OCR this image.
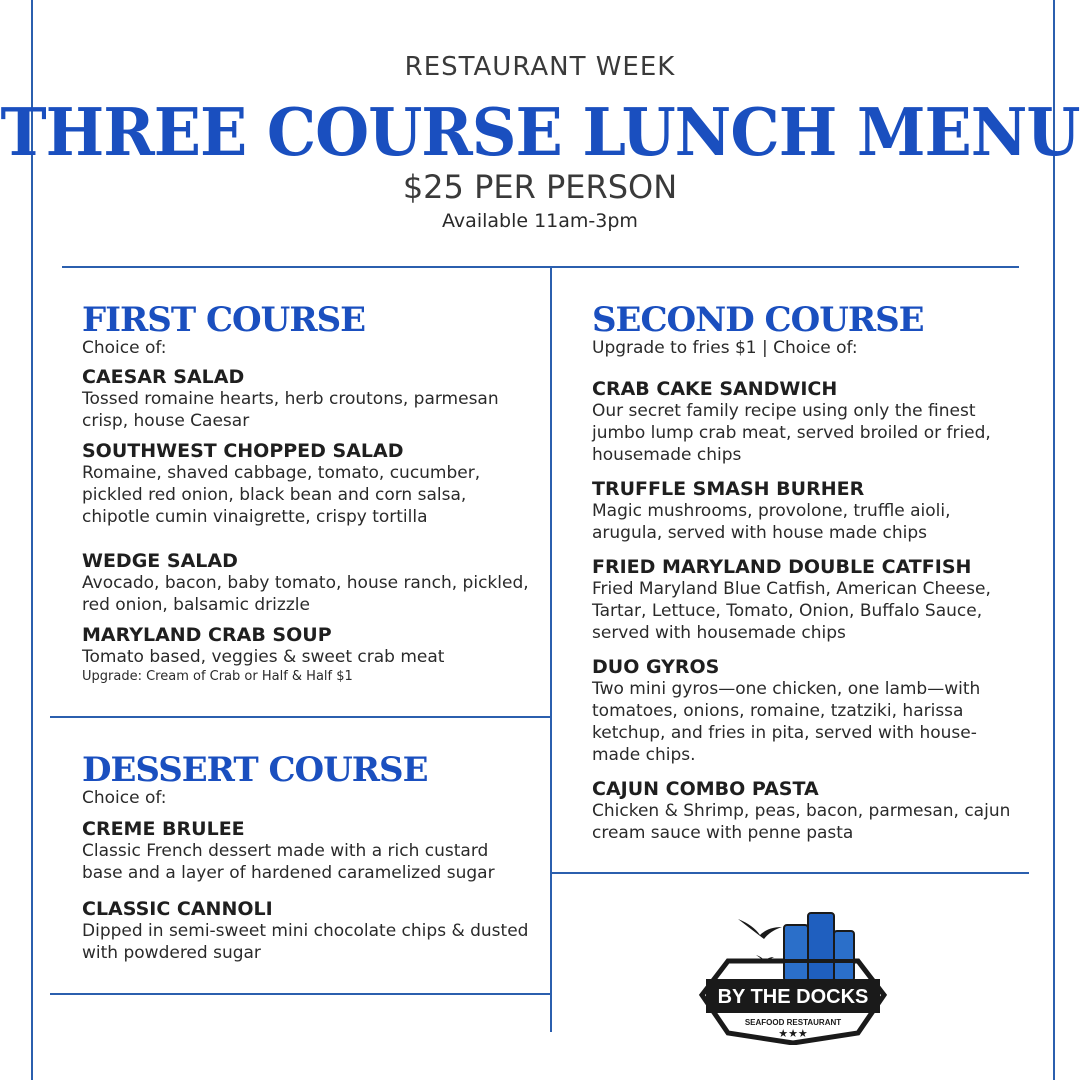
RESTAURANT WEEK
THREE COURSE LUNCH MENU
$25 PER PERSON
Available 11am-3pm
FIRST COURSE
Choice of:
CAESAR SALAD
Tossed romaine hearts, herb croutons, parmesan crisp, house Caesar
SOUTHWEST CHOPPED SALAD
Romaine, shaved cabbage, tomato, cucumber, pickled red onion, black bean and corn salsa, chipotle cumin vinaigrette, crispy tortilla
WEDGE SALAD
Avocado, bacon, baby tomato, house ranch, pickled, red onion, balsamic drizzle
MARYLAND CRAB SOUP
Tomato based, veggies & sweet crab meat
Upgrade: Cream of Crab or Half & Half $1
SECOND COURSE
Upgrade to fries $1 | Choice of:
CRAB CAKE SANDWICH
Our secret family recipe using only the finest jumbo lump crab meat, served broiled or fried, housemade chips
TRUFFLE SMASH BURHER
Magic mushrooms, provolone, truffle aioli, arugula, served with house made chips
FRIED MARYLAND DOUBLE CATFISH
Fried Maryland Blue Catfish, American Cheese, Tartar, Lettuce, Tomato, Onion, Buffalo Sauce, served with housemade chips
DUO GYROS
Two mini gyros—one chicken, one lamb—with tomatoes, onions, romaine, tzatziki, harissa ketchup, and fries in pita, served with house-made chips.
CAJUN COMBO PASTA
Chicken & Shrimp, peas, bacon, parmesan, cajun cream sauce with penne pasta
DESSERT COURSE
Choice of:
CREME BRULEE
Classic French dessert made with a rich custard base and a layer of hardened caramelized sugar
CLASSIC CANNOLI
Dipped in semi-sweet mini chocolate chips & dusted with powdered sugar
BY THE DOCKS
SEAFOOD RESTAURANT
★★★
